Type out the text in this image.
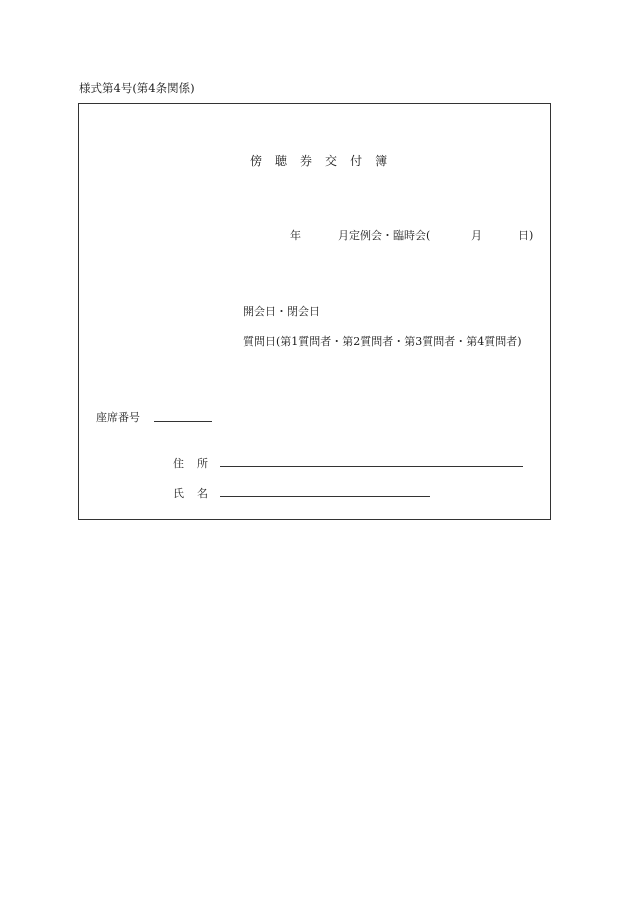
様式第4号(第4条関係)
傍 聴 券 交 付 簿
年	月定例会・臨時会(	月	日)
開会日・閉会日
質問日(第1質問者・第2質問者・第3質問者・第4質問者)
座席番号
住 所
氏 名
